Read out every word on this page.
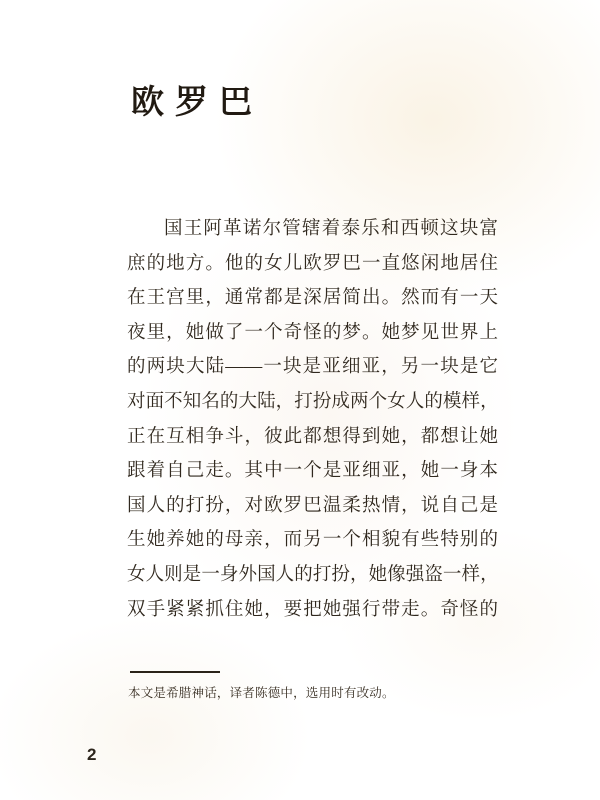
欧罗巴
国王阿革诺尔管辖着泰乐和西顿这块富
庶的地方。他的女儿欧罗巴一直悠闲地居住
在王宫里，通常都是深居简出。然而有一天
夜里，她做了一个奇怪的梦。她梦见世界上
的两块大陆——一块是亚细亚，另一块是它
对面不知名的大陆，打扮成两个女人的模样，
正在互相争斗，彼此都想得到她，都想让她
跟着自己走。其中一个是亚细亚，她一身本
国人的打扮，对欧罗巴温柔热情，说自己是
生她养她的母亲，而另一个相貌有些特别的
女人则是一身外国人的打扮，她像强盗一样，
双手紧紧抓住她，要把她强行带走。奇怪的
本文是希腊神话，译者陈德中，选用时有改动。
2
